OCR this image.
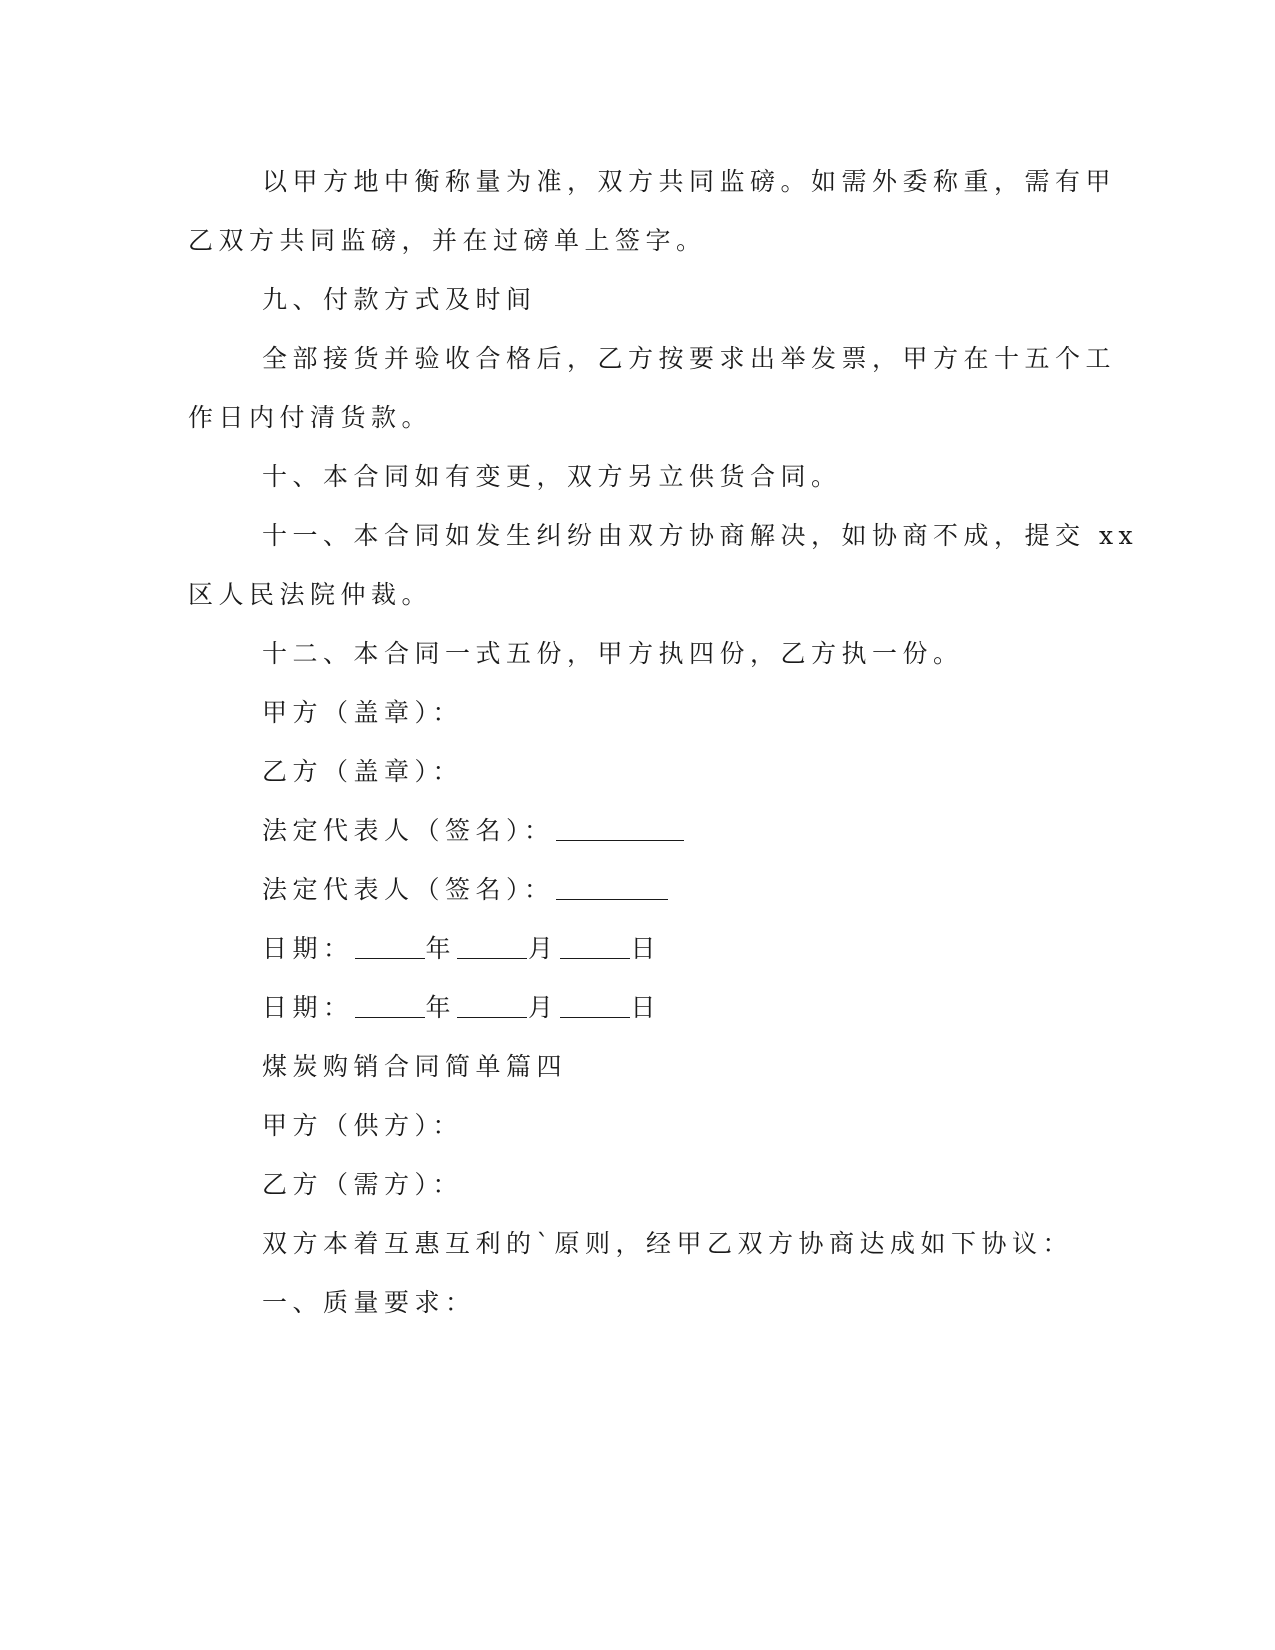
以甲方地中衡称量为准，双方共同监磅。如需外委称重，需有甲
乙双方共同监磅，并在过磅单上签字。
九、付款方式及时间
全部接货并验收合格后，乙方按要求出举发票，甲方在十五个工
作日内付清货款。
十、本合同如有变更，双方另立供货合同。
十一、本合同如发生纠纷由双方协商解决，如协商不成，提交 xx
区人民法院仲裁。
十二、本合同一式五份，甲方执四份，乙方执一份。
甲方（盖章）：
乙方（盖章）：
法定代表人（签名）：
法定代表人（签名）：
日期：	年	月	日
日期：	年	月	日
煤炭购销合同简单篇四
甲方（供方）：
乙方（需方）：
双方本着互惠互利的`原则，经甲乙双方协商达成如下协议：
一、质量要求：
